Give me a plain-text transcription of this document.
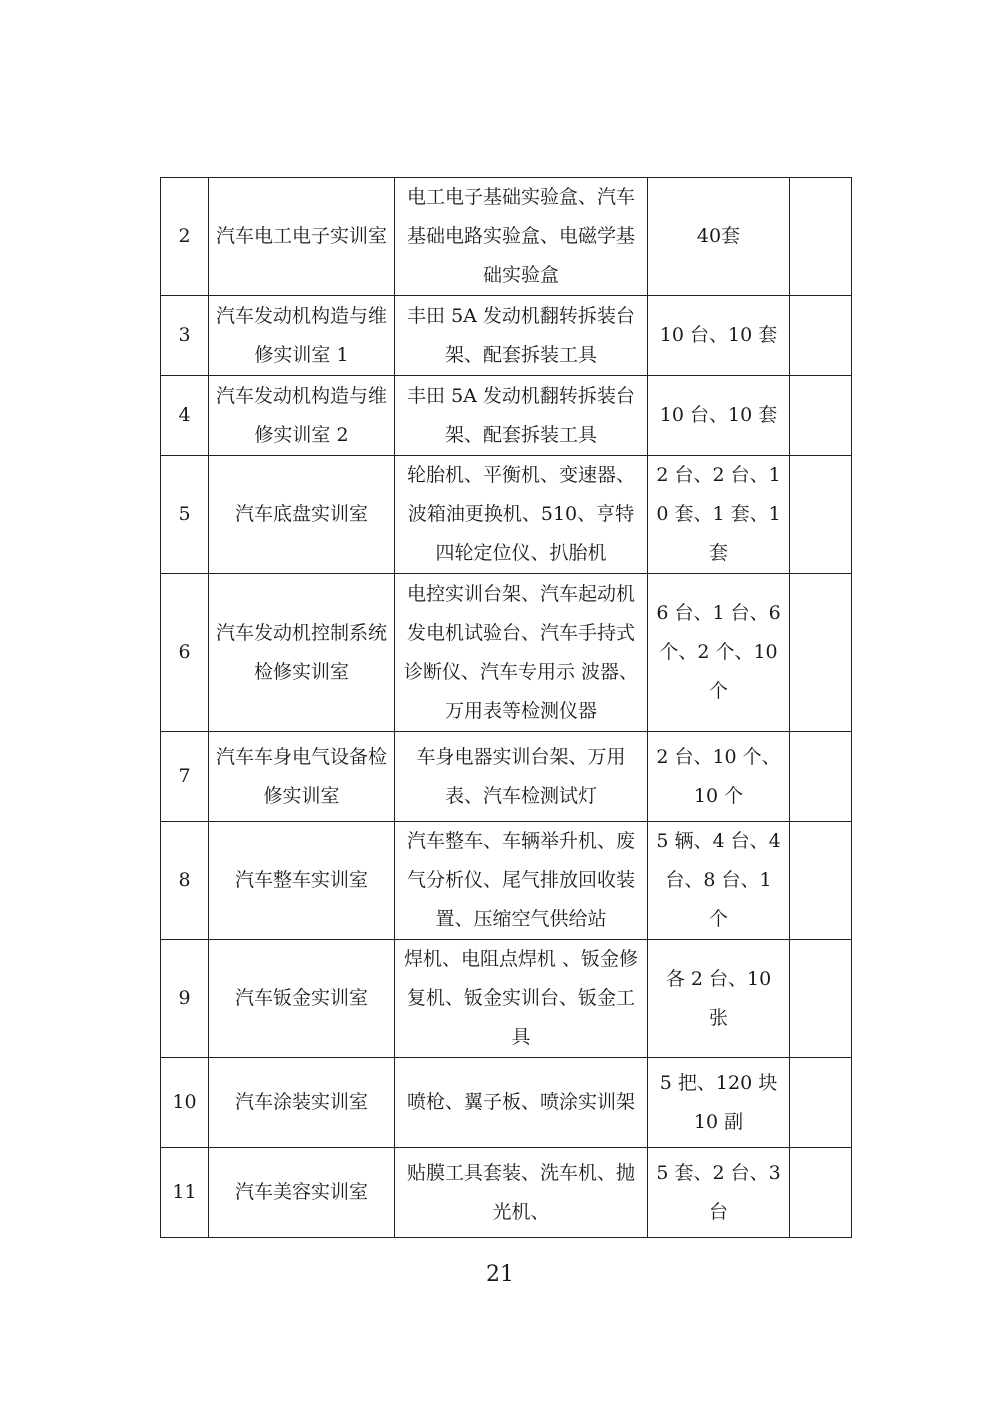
2	汽车电工电子实训室	电工电子基础实验盒、汽车基础电路实验盒、电磁学基础实验盒	40套	
3	汽车发动机构造与维修实训室 1	丰田 5A 发动机翻转拆装台架、配套拆装工具	10 台、10 套	
4	汽车发动机构造与维修实训室 2	丰田 5A 发动机翻转拆装台架、配套拆装工具	10 台、10 套	
5	汽车底盘实训室	轮胎机、平衡机、变速器、波箱油更换机、510、亨特四轮定位仪、扒胎机	2 台、2 台、10 套、1 套、1 套	
6	汽车发动机控制系统检修实训室	电控实训台架、汽车起动机发电机试验台、汽车手持式诊断仪、汽车专用示 波器、万用表等检测仪器	6 台、1 台、6 个、2 个、10 个	
7	汽车车身电气设备检修实训室	车身电器实训台架、万用表、汽车检测试灯	2 台、10 个、10 个	
8	汽车整车实训室	汽车整车、车辆举升机、废气分析仪、尾气排放回收装置、压缩空气供给站	5 辆、4 台、4 台、8 台、1 个	
9	汽车钣金实训室	焊机、电阻点焊机 、钣金修复机、钣金实训台、钣金工具	各 2 台、10 张	
10	汽车涂装实训室	喷枪、翼子板、喷涂实训架	5 把、120 块 10 副	
11	汽车美容实训室	贴膜工具套装、洗车机、抛光机、	5 套、2 台、3 台	
21
